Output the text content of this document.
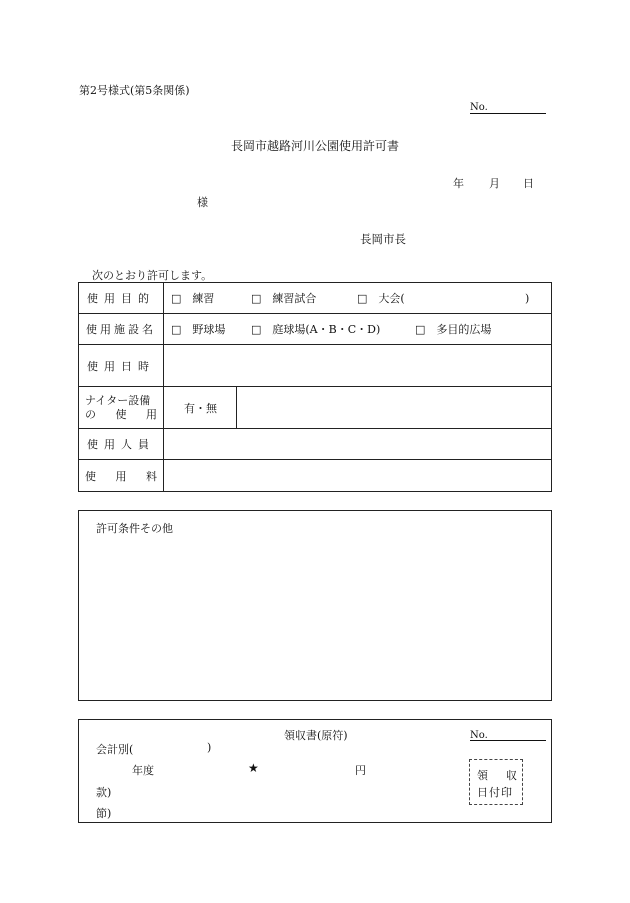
第2号様式(第5条関係)
No.
長岡市越路河川公園使用許可書
年 月 日
様
長岡市長
次のとおり許可します。
使用目的	□　練習	□　練習試合	□　大会(	)
使用施設名	□　野球場 □　庭球場(A・B・C・D)	□　多目的広場
使用日時
ナイター設備
の 使 用	有・無
使用人員
使 用 料
許可条件その他
領収書(原符)	No.
会計別(	)
年度	★	円
款)
節)
領 収
日付印
